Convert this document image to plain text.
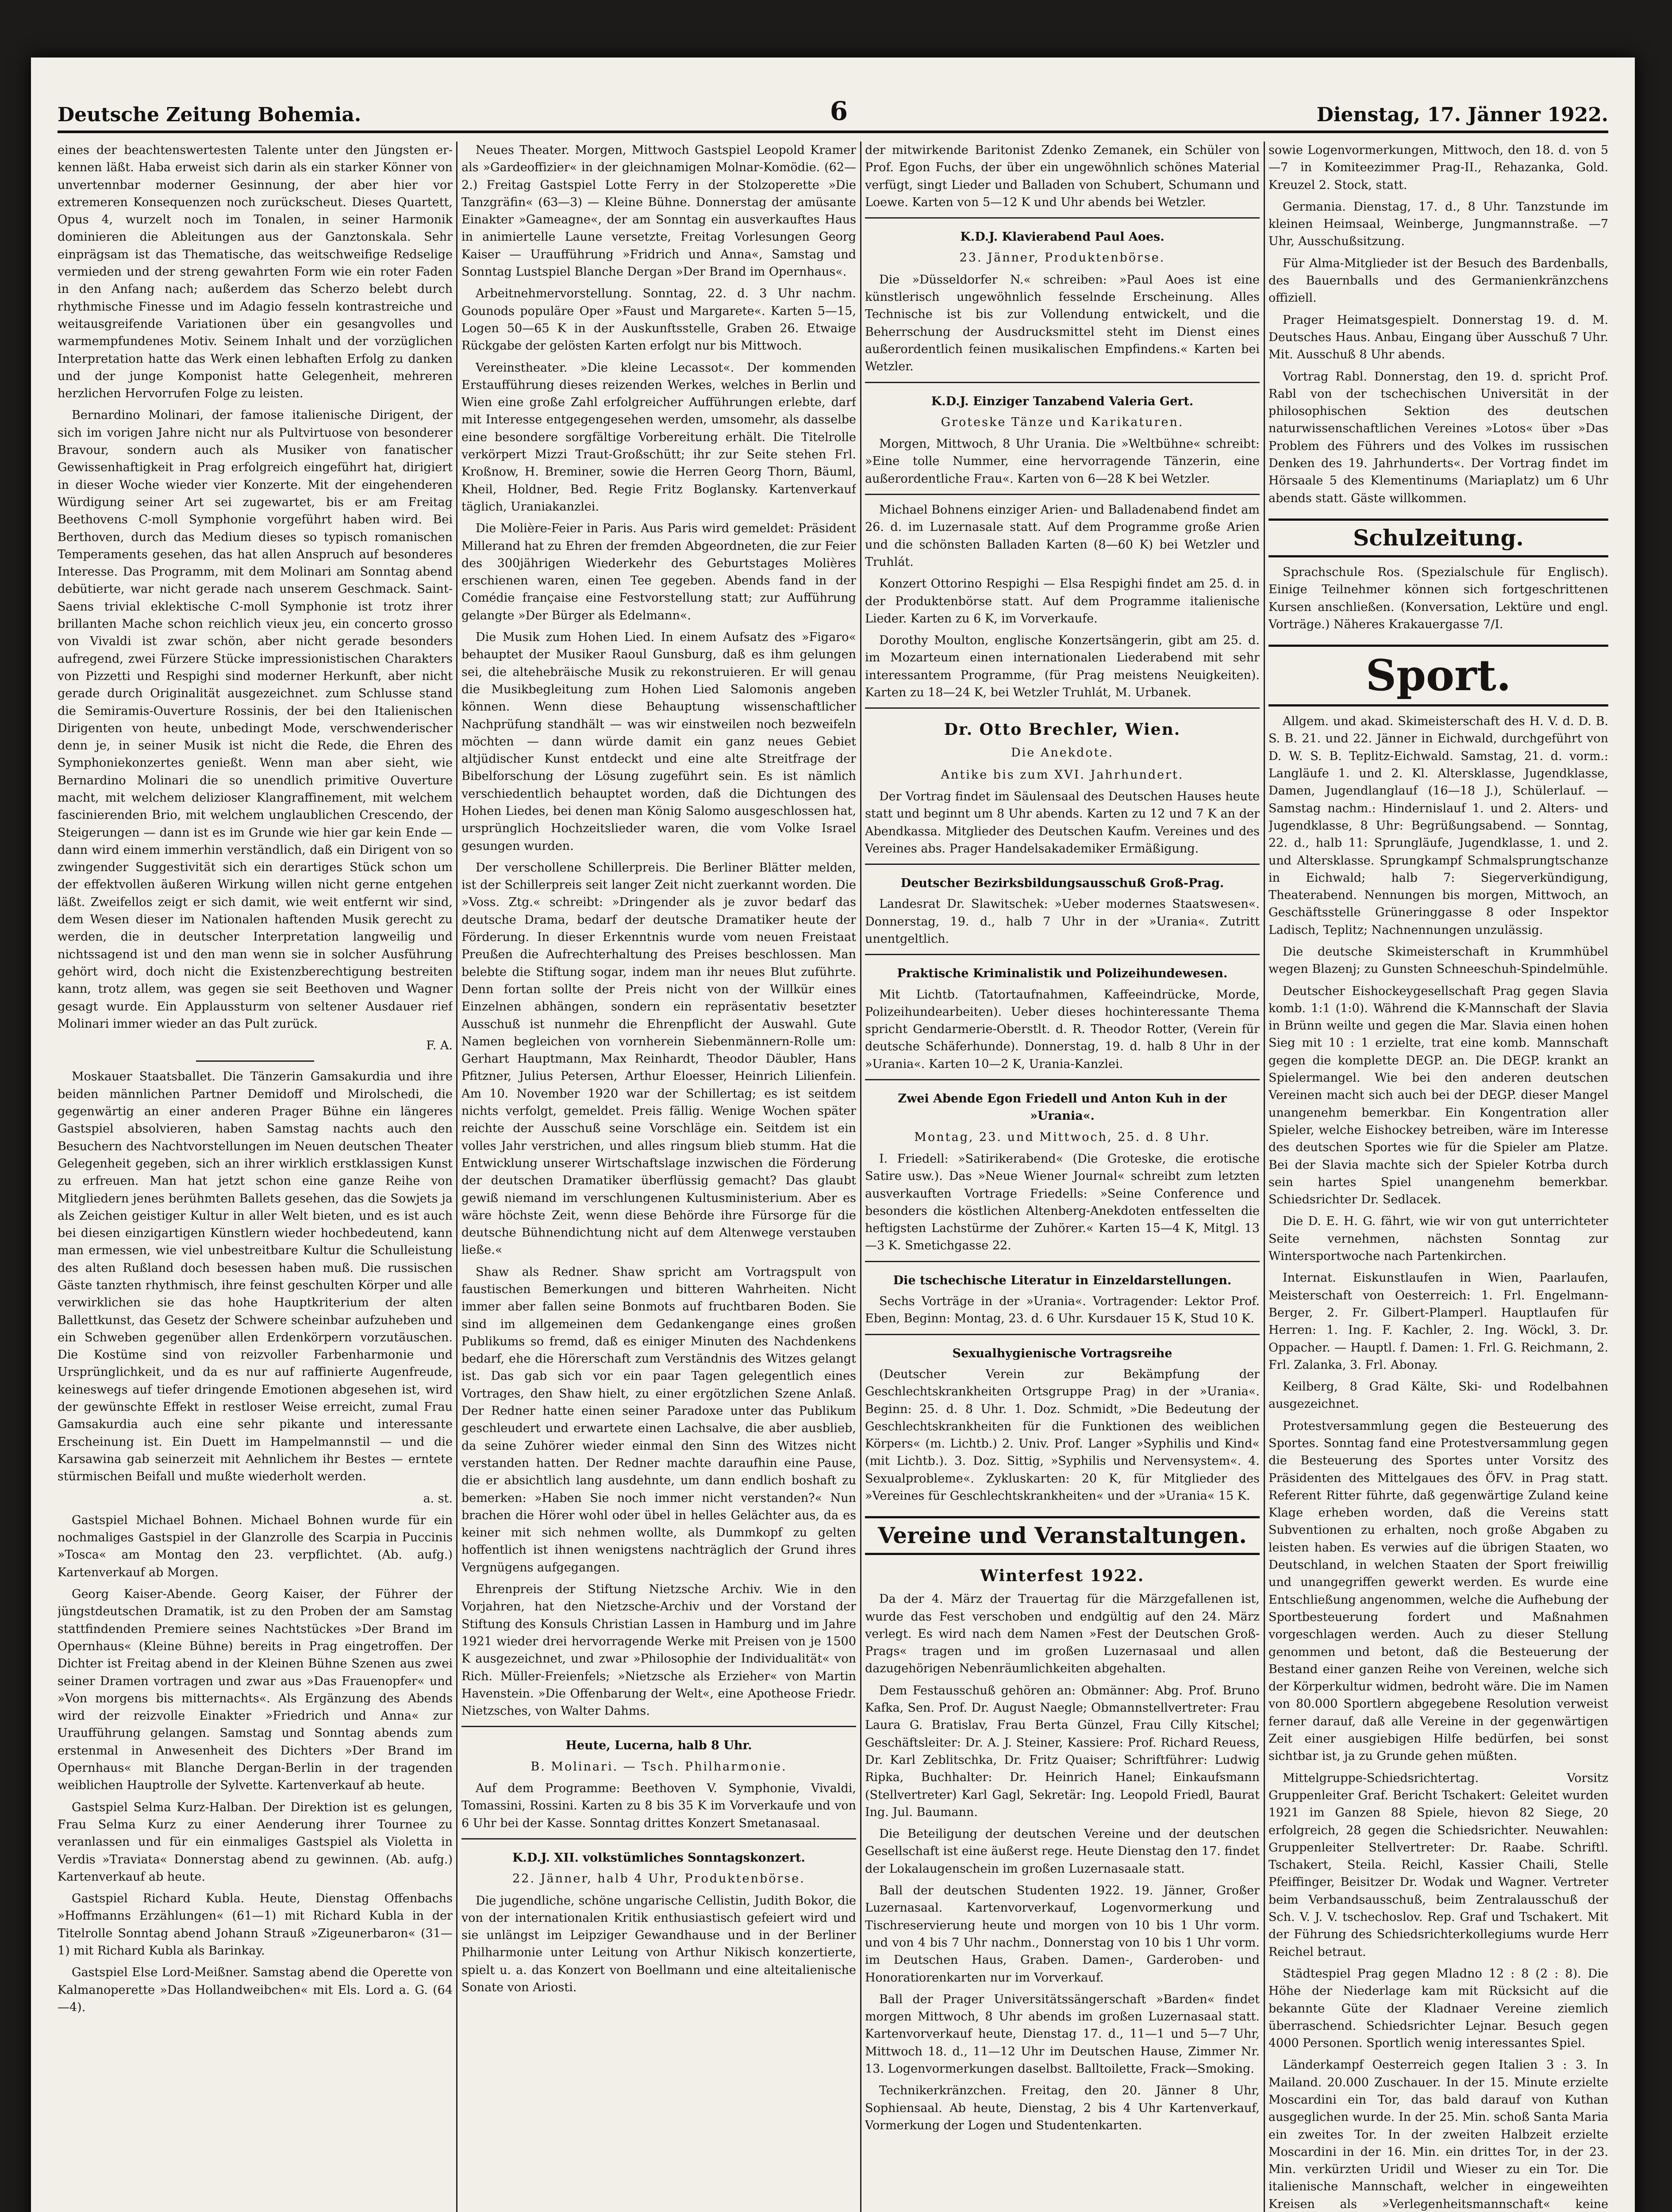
Deutsche Zeitung Bohemia.	6	Dienstag, 17. Jänner 1922.

eines der beachtenswertesten Talente unter den Jüngsten er-kennen läßt. Haba erweist sich darin als ein starker Könner von unvertennbar moderner Gesinnung, der aber hier vor extremeren Konsequenzen noch zurückscheut. Dieses Quartett, Opus 4, wurzelt noch im Tonalen, in seiner Harmonik dominieren die Ableitungen aus der Ganztonskala. Sehr einprägsam ist das Thematische, das weitschweifige Redselige vermieden und der streng gewahrten Form wie ein roter Faden in den Anfang nach; außerdem das Scherzo belebt durch rhythmische Finesse und im Adagio fesseln kontrastreiche und weitausgreifende Variationen über ein gesangvolles und warmempfundenes Motiv. Seinem Inhalt und der vorzüglichen Interpretation hatte das Werk einen lebhaften Erfolg zu danken und der junge Komponist hatte Gelegenheit, mehreren herzlichen Hervorrufen Folge zu leisten.

Bernardino Molinari, der famose italienische Dirigent, der sich im vorigen Jahre nicht nur als Pultvirtuose von besonderer Bravour, sondern auch als Musiker von fanatischer Gewissenhaftigkeit in Prag erfolgreich eingeführt hat, dirigiert in dieser Woche wieder vier Konzerte. Mit der eingehenderen Würdigung seiner Art sei zugewartet, bis er am Freitag Beethovens C-moll Symphonie vorgeführt haben wird. Bei Berthoven, durch das Medium dieses so typisch romanischen Temperaments gesehen, das hat allen Anspruch auf besonderes Interesse. Das Programm, mit dem Molinari am Sonntag abend debütierte, war nicht gerade nach unserem Geschmack. Saint-Saens trivial eklektische C-moll Symphonie ist trotz ihrer brillanten Mache schon reichlich vieux jeu, ein concerto grosso von Vivaldi ist zwar schön, aber nicht gerade besonders aufregend, zwei Fürzere Stücke impressionistischen Charakters von Pizzetti und Respighi sind moderner Herkunft, aber nicht gerade durch Originalität ausgezeichnet. zum Schlusse stand die Semiramis-Ouverture Rossinis, der bei den Italienischen Dirigenten von heute, unbedingt Mode, verschwenderischer denn je, in seiner Musik ist nicht die Rede, die Ehren des Symphoniekonzertes genießt. Wenn man aber sieht, wie Bernardino Molinari die so unendlich primitive Ouverture macht, mit welchem delizioser Klangraffinement, mit welchem fascinierenden Brio, mit welchem unglaublichen Crescendo, der Steigerungen — dann ist es im Grunde wie hier gar kein Ende — dann wird einem immerhin verständlich, daß ein Dirigent von so zwingender Suggestivität sich ein derartiges Stück schon um der effektvollen äußeren Wirkung willen nicht gerne entgehen läßt. Zweifellos zeigt er sich damit, wie weit entfernt wir sind, dem Wesen dieser im Nationalen haftenden Musik gerecht zu werden, die in deutscher Interpretation langweilig und nichtssagend ist und den man wenn sie in solcher Ausführung gehört wird, doch nicht die Existenzberechtigung bestreiten kann, trotz allem, was gegen sie seit Beethoven und Wagner gesagt wurde. Ein Applaussturm von seltener Ausdauer rief Molinari immer wieder an das Pult zurück.

F. A.

Moskauer Staatsballet. Die Tänzerin Gamsakurdia und ihre beiden männlichen Partner Demidoff und Mirolschedi, die gegenwärtig an einer anderen Prager Bühne ein längeres Gastspiel absolvieren, haben Samstag nachts auch den Besuchern des Nachtvorstellungen im Neuen deutschen Theater Gelegenheit gegeben, sich an ihrer wirklich erstklassigen Kunst zu erfreuen. Man hat jetzt schon eine ganze Reihe von Mitgliedern jenes berühmten Ballets gesehen, das die Sowjets ja als Zeichen geistiger Kultur in aller Welt bieten, und es ist auch bei diesen einzigartigen Künstlern wieder hochbedeutend, kann man ermessen, wie viel unbestreitbare Kultur die Schulleistung des alten Rußland doch besessen haben muß. Die russischen Gäste tanzten rhythmisch, ihre feinst geschulten Körper und alle verwirklichen sie das hohe Hauptkriterium der alten Ballettkunst, das Gesetz der Schwere scheinbar aufzuheben und ein Schweben gegenüber allen Erdenkörpern vorzutäuschen. Die Kostüme sind von reizvoller Farbenharmonie und Ursprünglichkeit, und da es nur auf raffinierte Augenfreude, keineswegs auf tiefer dringende Emotionen abgesehen ist, wird der gewünschte Effekt in restloser Weise erreicht, zumal Frau Gamsakurdia auch eine sehr pikante und interessante Erscheinung ist. Ein Duett im Hampelmannstil — und die Karsawina gab seinerzeit mit Aehnlichem ihr Bestes — erntete stürmischen Beifall und mußte wiederholt werden.

a. st.

Gastspiel Michael Bohnen. Michael Bohnen wurde für ein nochmaliges Gastspiel in der Glanzrolle des Scarpia in Puccinis »Tosca« am Montag den 23. verpflichtet. (Ab. aufg.) Kartenverkauf ab Morgen.

Georg Kaiser-Abende. Georg Kaiser, der Führer der jüngstdeutschen Dramatik, ist zu den Proben der am Samstag stattfindenden Premiere seines Nachtstückes »Der Brand im Opernhaus« (Kleine Bühne) bereits in Prag eingetroffen. Der Dichter ist Freitag abend in der Kleinen Bühne Szenen aus zwei seiner Dramen vortragen und zwar aus »Das Frauenopfer« und »Von morgens bis mitternachts«. Als Ergänzung des Abends wird der reizvolle Einakter »Friedrich und Anna« zur Uraufführung gelangen. Samstag und Sonntag abends zum erstenmal in Anwesenheit des Dichters »Der Brand im Opernhaus« mit Blanche Dergan-Berlin in der tragenden weiblichen Hauptrolle der Sylvette. Kartenverkauf ab heute.

Gastspiel Selma Kurz-Halban. Der Direktion ist es gelungen, Frau Selma Kurz zu einer Aenderung ihrer Tournee zu veranlassen und für ein einmaliges Gastspiel als Violetta in Verdis »Traviata« Donnerstag abend zu gewinnen. (Ab. aufg.) Kartenverkauf ab heute.

Gastspiel Richard Kubla. Heute, Dienstag Offenbachs »Hoffmanns Erzählungen« (61—1) mit Richard Kubla in der Titelrolle Sonntag abend Johann Strauß »Zigeunerbaron« (31—1) mit Richard Kubla als Barinkay.

Gastspiel Else Lord-Meißner. Samstag abend die Operette von Kalmanoperette »Das Hollandweibchen« mit Els. Lord a. G. (64—4).

Neues Theater. Morgen, Mittwoch Gastspiel Leopold Kramer als »Gardeoffizier« in der gleichnamigen Molnar-Komödie. (62—2.) Freitag Gastspiel Lotte Ferry in der Stolzoperette »Die Tanzgräfin« (63—3) — Kleine Bühne. Donnerstag der amüsante Einakter »Gameagne«, der am Sonntag ein ausverkauftes Haus in animiertelle Laune versetzte, Freitag Vorlesungen Georg Kaiser — Uraufführung »Fridrich und Anna«, Samstag und Sonntag Lustspiel Blanche Dergan »Der Brand im Opernhaus«.

Arbeitnehmervorstellung. Sonntag, 22. d. 3 Uhr nachm. Gounods populäre Oper »Faust und Margarete«. Karten 5—15, Logen 50—65 K in der Auskunftsstelle, Graben 26. Etwaige Rückgabe der gelösten Karten erfolgt nur bis Mittwoch.

Vereinstheater. »Die kleine Lecassot«. Der kommenden Erstaufführung dieses reizenden Werkes, welches in Berlin und Wien eine große Zahl erfolgreicher Aufführungen erlebte, darf mit Interesse entgegengesehen werden, umsomehr, als dasselbe eine besondere sorgfältige Vorbereitung erhält. Die Titelrolle verkörpert Mizzi Traut-Großschütt; ihr zur Seite stehen Frl. Kroßnow, H. Breminer, sowie die Herren Georg Thorn, Bäuml, Kheil, Holdner, Bed. Regie Fritz Boglansky. Kartenverkauf täglich, Uraniakanzlei.

Die Molière-Feier in Paris. Aus Paris wird gemeldet: Präsident Millerand hat zu Ehren der fremden Abgeordneten, die zur Feier des 300jährigen Wiederkehr des Geburtstages Molières erschienen waren, einen Tee gegeben. Abends fand in der Comédie française eine Festvorstellung statt; zur Aufführung gelangte »Der Bürger als Edelmann«.

Die Musik zum Hohen Lied. In einem Aufsatz des »Figaro« behauptet der Musiker Raoul Gunsburg, daß es ihm gelungen sei, die altehebräische Musik zu rekonstruieren. Er will genau die Musikbegleitung zum Hohen Lied Salomonis angeben können. Wenn diese Behauptung wissenschaftlicher Nachprüfung standhält — was wir einstweilen noch bezweifeln möchten — dann würde damit ein ganz neues Gebiet altjüdischer Kunst entdeckt und eine alte Streitfrage der Bibelforschung der Lösung zugeführt sein. Es ist nämlich verschiedentlich behauptet worden, daß die Dichtungen des Hohen Liedes, bei denen man König Salomo ausgeschlossen hat, ursprünglich Hochzeitslieder waren, die vom Volke Israel gesungen wurden.

Der verschollene Schillerpreis. Die Berliner Blätter melden, ist der Schillerpreis seit langer Zeit nicht zuerkannt worden. Die »Voss. Ztg.« schreibt: »Dringender als je zuvor bedarf das deutsche Drama, bedarf der deutsche Dramatiker heute der Förderung. In dieser Erkenntnis wurde vom neuen Freistaat Preußen die Aufrechterhaltung des Preises beschlossen. Man belebte die Stiftung sogar, indem man ihr neues Blut zuführte. Denn fortan sollte der Preis nicht von der Willkür eines Einzelnen abhängen, sondern ein repräsentativ besetzter Ausschuß ist nunmehr die Ehrenpflicht der Auswahl. Gute Namen begleichen von vornherein Siebenmännern-Rolle um: Gerhart Hauptmann, Max Reinhardt, Theodor Däubler, Hans Pfitzner, Julius Petersen, Arthur Eloesser, Heinrich Lilienfein. Am 10. November 1920 war der Schillertag; es ist seitdem nichts verfolgt, gemeldet. Preis fällig. Wenige Wochen später reichte der Ausschuß seine Vorschläge ein. Seitdem ist ein volles Jahr verstrichen, und alles ringsum blieb stumm. Hat die Entwicklung unserer Wirtschaftslage inzwischen die Förderung der deutschen Dramatiker überflüssig gemacht? Das glaubt gewiß niemand im verschlungenen Kultusministerium. Aber es wäre höchste Zeit, wenn diese Behörde ihre Fürsorge für die deutsche Bühnendichtung nicht auf dem Altenwege verstauben ließe.«

Shaw als Redner. Shaw spricht am Vortragspult von faustischen Bemerkungen und bitteren Wahrheiten. Nicht immer aber fallen seine Bonmots auf fruchtbaren Boden. Sie sind im allgemeinen dem Gedankengange eines großen Publikums so fremd, daß es einiger Minuten des Nachdenkens bedarf, ehe die Hörerschaft zum Verständnis des Witzes gelangt ist. Das gab sich vor ein paar Tagen gelegentlich eines Vortrages, den Shaw hielt, zu einer ergötzlichen Szene Anlaß. Der Redner hatte einen seiner Paradoxe unter das Publikum geschleudert und erwartete einen Lachsalve, die aber ausblieb, da seine Zuhörer wieder einmal den Sinn des Witzes nicht verstanden hatten. Der Redner machte daraufhin eine Pause, die er absichtlich lang ausdehnte, um dann endlich boshaft zu bemerken: »Haben Sie noch immer nicht verstanden?« Nun brachen die Hörer wohl oder übel in helles Gelächter aus, da es keiner mit sich nehmen wollte, als Dummkopf zu gelten hoffentlich ist ihnen wenigstens nachträglich der Grund ihres Vergnügens aufgegangen.

Ehrenpreis der Stiftung Nietzsche Archiv. Wie in den Vorjahren, hat den Nietzsche-Archiv und der Vorstand der Stiftung des Konsuls Christian Lassen in Hamburg und im Jahre 1921 wieder drei hervorragende Werke mit Preisen von je 1500 K ausgezeichnet, und zwar »Philosophie der Individualität« von Rich. Müller-Freienfels; »Nietzsche als Erzieher« von Martin Havenstein. »Die Offenbarung der Welt«, eine Apotheose Friedr. Nietzsches, von Walter Dahms.

Heute, Lucerna, halb 8 Uhr.

B. Molinari. — Tsch. Philharmonie.

Auf dem Programme: Beethoven V. Symphonie, Vivaldi, Tomassini, Rossini. Karten zu 8 bis 35 K im Vorverkaufe und von 6 Uhr bei der Kasse. Sonntag drittes Konzert Smetanasaal.

K.D.J. XII. volkstümliches Sonntagskonzert.

22. Jänner, halb 4 Uhr, Produktenbörse.

Die jugendliche, schöne ungarische Cellistin, Judith Bokor, die von der internationalen Kritik enthusiastisch gefeiert wird und sie unlängst im Leipziger Gewandhause und in der Berliner Philharmonie unter Leitung von Arthur Nikisch konzertierte, spielt u. a. das Konzert von Boellmann und eine alteitalienische Sonate von Ariosti.

der mitwirkende Baritonist Zdenko Zemanek, ein Schüler von Prof. Egon Fuchs, der über ein ungewöhnlich schönes Material verfügt, singt Lieder und Balladen von Schubert, Schumann und Loewe. Karten von 5—12 K und Uhr abends bei Wetzler.

K.D.J. Klavierabend Paul Aoes.

23. Jänner, Produktenbörse.

Die »Düsseldorfer N.« schreiben: »Paul Aoes ist eine künstlerisch ungewöhnlich fesselnde Erscheinung. Alles Technische ist bis zur Vollendung entwickelt, und die Beherrschung der Ausdrucksmittel steht im Dienst eines außerordentlich feinen musikalischen Empfindens.« Karten bei Wetzler.

K.D.J. Einziger Tanzabend Valeria Gert.

Groteske Tänze und Karikaturen.

Morgen, Mittwoch, 8 Uhr Urania. Die »Weltbühne« schreibt: »Eine tolle Nummer, eine hervorragende Tänzerin, eine außerordentliche Frau«. Karten von 6—28 K bei Wetzler.

Michael Bohnens einziger Arien- und Balladenabend findet am 26. d. im Luzernasale statt. Auf dem Programme große Arien und die schönsten Balladen Karten (8—60 K) bei Wetzler und Truhlát.

Konzert Ottorino Respighi — Elsa Respighi findet am 25. d. in der Produktenbörse statt. Auf dem Programme italienische Lieder. Karten zu 6 K, im Vorverkaufe.

Dorothy Moulton, englische Konzertsängerin, gibt am 25. d. im Mozarteum einen internationalen Liederabend mit sehr interessantem Programme, (für Prag meistens Neuigkeiten). Karten zu 18—24 K, bei Wetzler Truhlát, M. Urbanek.

Dr. Otto Brechler, Wien.

Die Anekdote.

Antike bis zum XVI. Jahrhundert.

Der Vortrag findet im Säulensaal des Deutschen Hauses heute statt und beginnt um 8 Uhr abends. Karten zu 12 und 7 K an der Abendkassa. Mitglieder des Deutschen Kaufm. Vereines und des Vereines abs. Prager Handelsakademiker Ermäßigung.

Deutscher Bezirksbildungsausschuß Groß-Prag.

Landesrat Dr. Slawitschek: »Ueber modernes Staatswesen«. Donnerstag, 19. d., halb 7 Uhr in der »Urania«. Zutritt unentgeltlich.

Praktische Kriminalistik und Polizeihundewesen.

Mit Lichtb. (Tatortaufnahmen, Kaffeeindrücke, Morde, Polizeihundearbeiten). Ueber dieses hochinteressante Thema spricht Gendarmerie-Oberstlt. d. R. Theodor Rotter, (Verein für deutsche Schäferhunde). Donnerstag, 19. d. halb 8 Uhr in der »Urania«. Karten 10—2 K, Urania-Kanzlei.

Zwei Abende Egon Friedell und Anton Kuh in der »Urania«.

Montag, 23. und Mittwoch, 25. d. 8 Uhr.

I. Friedell: »Satirikerabend« (Die Groteske, die erotische Satire usw.). Das »Neue Wiener Journal« schreibt zum letzten ausverkauften Vortrage Friedells: »Seine Conference und besonders die köstlichen Altenberg-Anekdoten entfesselten die heftigsten Lachstürme der Zuhörer.« Karten 15—4 K, Mitgl. 13—3 K. Smetichgasse 22.

Die tschechische Literatur in Einzeldarstellungen.

Sechs Vorträge in der »Urania«. Vortragender: Lektor Prof. Eben, Beginn: Montag, 23. d. 6 Uhr. Kursdauer 15 K, Stud 10 K.

Sexualhygienische Vortragsreihe

(Deutscher Verein zur Bekämpfung der Geschlechtskrankheiten Ortsgruppe Prag) in der »Urania«. Beginn: 25. d. 8 Uhr. 1. Doz. Schmidt, »Die Bedeutung der Geschlechtskrankheiten für die Funktionen des weiblichen Körpers« (m. Lichtb.) 2. Univ. Prof. Langer »Syphilis und Kind« (mit Lichtb.). 3. Doz. Sittig, »Syphilis und Nervensystem«. 4. Sexualprobleme«. Zykluskarten: 20 K, für Mitglieder des »Vereines für Geschlechtskrankheiten« und der »Urania« 15 K.

Vereine und Veranstaltungen.

Winterfest 1922.

Da der 4. März der Trauertag für die Märzgefallenen ist, wurde das Fest verschoben und endgültig auf den 24. März verlegt. Es wird nach dem Namen »Fest der Deutschen Groß-Prags« tragen und im großen Luzernasaal und allen dazugehörigen Nebenräumlichkeiten abgehalten.

Dem Festausschuß gehören an: Obmänner: Abg. Prof. Bruno Kafka, Sen. Prof. Dr. August Naegle; Obmannstellvertreter: Frau Laura G. Bratislav, Frau Berta Günzel, Frau Cilly Kitschel; Geschäftsleiter: Dr. A. J. Steiner, Kassiere: Prof. Richard Reuess, Dr. Karl Zeblitschka, Dr. Fritz Quaiser; Schriftführer: Ludwig Ripka, Buchhalter: Dr. Heinrich Hanel; Einkaufsmann (Stellvertreter) Karl Gagl, Sekretär: Ing. Leopold Friedl, Baurat Ing. Jul. Baumann.

Die Beteiligung der deutschen Vereine und der deutschen Gesellschaft ist eine äußerst rege. Heute Dienstag den 17. findet der Lokalaugenschein im großen Luzernasaale statt.

Ball der deutschen Studenten 1922. 19. Jänner, Großer Luzernasaal. Kartenvorverkauf, Logenvormerkung und Tischreservierung heute und morgen von 10 bis 1 Uhr vorm. und von 4 bis 7 Uhr nachm., Donnerstag von 10 bis 1 Uhr vorm. im Deutschen Haus, Graben. Damen-, Garderoben- und Honoratiorenkarten nur im Vorverkauf.

Ball der Prager Universitätssängerschaft »Barden« findet morgen Mittwoch, 8 Uhr abends im großen Luzernasaal statt. Kartenvorverkauf heute, Dienstag 17. d., 11—1 und 5—7 Uhr, Mittwoch 18. d., 11—12 Uhr im Deutschen Hause, Zimmer Nr. 13. Logenvormerkungen daselbst. Balltoilette, Frack—Smoking.

Technikerkränzchen. Freitag, den 20. Jänner 8 Uhr, Sophiensaal. Ab heute, Dienstag, 2 bis 4 Uhr Kartenverkauf, Vormerkung der Logen und Studentenkarten.

sowie Logenvormerkungen, Mittwoch, den 18. d. von 5—7 in Komiteezimmer Prag-II., Rehazanka, Gold. Kreuzel 2. Stock, statt.

Germania. Dienstag, 17. d., 8 Uhr. Tanzstunde im kleinen Heimsaal, Weinberge, Jungmannstraße. —7 Uhr, Ausschußsitzung.

Für Alma-Mitglieder ist der Besuch des Bardenballs, des Bauernballs und des Germanienkränzchens offiziell.

Prager Heimatsgespielt. Donnerstag 19. d. M. Deutsches Haus. Anbau, Eingang über Ausschuß 7 Uhr. Mit. Ausschuß 8 Uhr abends.

Vortrag Rabl. Donnerstag, den 19. d. spricht Prof. Rabl von der tschechischen Universität in der philosophischen Sektion des deutschen naturwissenschaftlichen Vereines »Lotos« über »Das Problem des Führers und des Volkes im russischen Denken des 19. Jahrhunderts«. Der Vortrag findet im Hörsaale 5 des Klementinums (Mariaplatz) um 6 Uhr abends statt. Gäste willkommen.

Schulzeitung.

Sprachschule Ros. (Spezialschule für Englisch). Einige Teilnehmer können sich fortgeschrittenen Kursen anschließen. (Konversation, Lektüre und engl. Vorträge.) Näheres Krakauergasse 7/I.

Sport.

Allgem. und akad. Skimeisterschaft des H. V. d. D. B. S. B. 21. und 22. Jänner in Eichwald, durchgeführt von D. W. S. B. Teplitz-Eichwald. Samstag, 21. d. vorm.: Langläufe 1. und 2. Kl. Altersklasse, Jugendklasse, Damen, Jugendlanglauf (16—18 J.), Schülerlauf. — Samstag nachm.: Hindernislauf 1. und 2. Alters- und Jugendklasse, 8 Uhr: Begrüßungsabend. — Sonntag, 22. d., halb 11: Sprungläufe, Jugendklasse, 1. und 2. und Altersklasse. Sprungkampf Schmalsprungtschanze in Eichwald; halb 7: Siegerverkündigung, Theaterabend. Nennungen bis morgen, Mittwoch, an Geschäftsstelle Grüneringgasse 8 oder Inspektor Ladisch, Teplitz; Nachnennungen unzulässig.

Die deutsche Skimeisterschaft in Krummhübel wegen Blazenj; zu Gunsten Schneeschuh-Spindelmühle.

Deutscher Eishockeygesellschaft Prag gegen Slavia komb. 1:1 (1:0). Während die K-Mannschaft der Slavia in Brünn weilte und gegen die Mar. Slavia einen hohen Sieg mit 10 : 1 erzielte, trat eine komb. Mannschaft gegen die komplette DEGP. an. Die DEGP. krankt an Spielermangel. Wie bei den anderen deutschen Vereinen macht sich auch bei der DEGP. dieser Mangel unangenehm bemerkbar. Ein Kongentration aller Spieler, welche Eishockey betreiben, wäre im Interesse des deutschen Sportes wie für die Spieler am Platze. Bei der Slavia machte sich der Spieler Kotrba durch sein hartes Spiel unangenehm bemerkbar. Schiedsrichter Dr. Sedlacek.

Die D. E. H. G. fährt, wie wir von gut unterrichteter Seite vernehmen, nächsten Sonntag zur Wintersportwoche nach Partenkirchen.

Internat. Eiskunstlaufen in Wien, Paarlaufen, Meisterschaft von Oesterreich: 1. Frl. Engelmann-Berger, 2. Fr. Gilbert-Plamperl. Hauptlaufen für Herren: 1. Ing. F. Kachler, 2. Ing. Wöckl, 3. Dr. Oppacher. — Hauptl. f. Damen: 1. Frl. G. Reichmann, 2. Frl. Zalanka, 3. Frl. Abonay.

Keilberg, 8 Grad Kälte, Ski- und Rodelbahnen ausgezeichnet.

Protestversammlung gegen die Besteuerung des Sportes. Sonntag fand eine Protestversammlung gegen die Besteuerung des Sportes unter Vorsitz des Präsidenten des Mittelgaues des ÖFV. in Prag statt. Referent Ritter führte, daß gegenwärtige Zuland keine Klage erheben worden, daß die Vereins statt Subventionen zu erhalten, noch große Abgaben zu leisten haben. Es verwies auf die übrigen Staaten, wo Deutschland, in welchen Staaten der Sport freiwillig und unangegriffen gewerkt werden. Es wurde eine Entschließung angenommen, welche die Aufhebung der Sportbesteuerung fordert und Maßnahmen vorgeschlagen werden. Auch zu dieser Stellung genommen und betont, daß die Besteuerung der Bestand einer ganzen Reihe von Vereinen, welche sich der Körperkultur widmen, bedroht wäre. Die im Namen von 80.000 Sportlern abgegebene Resolution verweist ferner darauf, daß alle Vereine in der gegenwärtigen Zeit einer ausgiebigen Hilfe bedürfen, bei sonst sichtbar ist, ja zu Grunde gehen müßten.

Mittelgruppe-Schiedsrichtertag. Vorsitz Gruppenleiter Graf. Bericht Tschakert: Geleitet wurden 1921 im Ganzen 88 Spiele, hievon 82 Siege, 20 erfolgreich, 28 gegen die Schiedsrichter. Neuwahlen: Gruppenleiter Stellvertreter: Dr. Raabe. Schriftl. Tschakert, Steila. Reichl, Kassier Chaili, Stelle Pfeiffinger, Beisitzer Dr. Wodak und Wagner. Vertreter beim Verbandsausschuß, beim Zentralausschuß der Sch. V. J. V. tschechoslov. Rep. Graf und Tschakert. Mit der Führung des Schiedsrichterkollegiums wurde Herr Reichel betraut.

Städtespiel Prag gegen Mladno 12 : 8 (2 : 8). Die Höhe der Niederlage kam mit Rücksicht auf die bekannte Güte der Kladnaer Vereine ziemlich überraschend. Schiedsrichter Lejnar. Besuch gegen 4000 Personen. Sportlich wenig interessantes Spiel.

Länderkampf Oesterreich gegen Italien 3 : 3. In Mailand. 20.000 Zuschauer. In der 15. Minute erzielte Moscardini ein Tor, das bald darauf von Kuthan ausgeglichen wurde. In der 25. Min. schoß Santa Maria ein zweites Tor. In der zweiten Halbzeit erzielte Moscardini in der 16. Min. ein drittes Tor, in der 23. Min. verkürzten Uridil und Wieser zu ein Tor. Die italienische Mannschaft, welcher in eingeweihten Kreisen als »Verlegenheitsmannschaft« keine
